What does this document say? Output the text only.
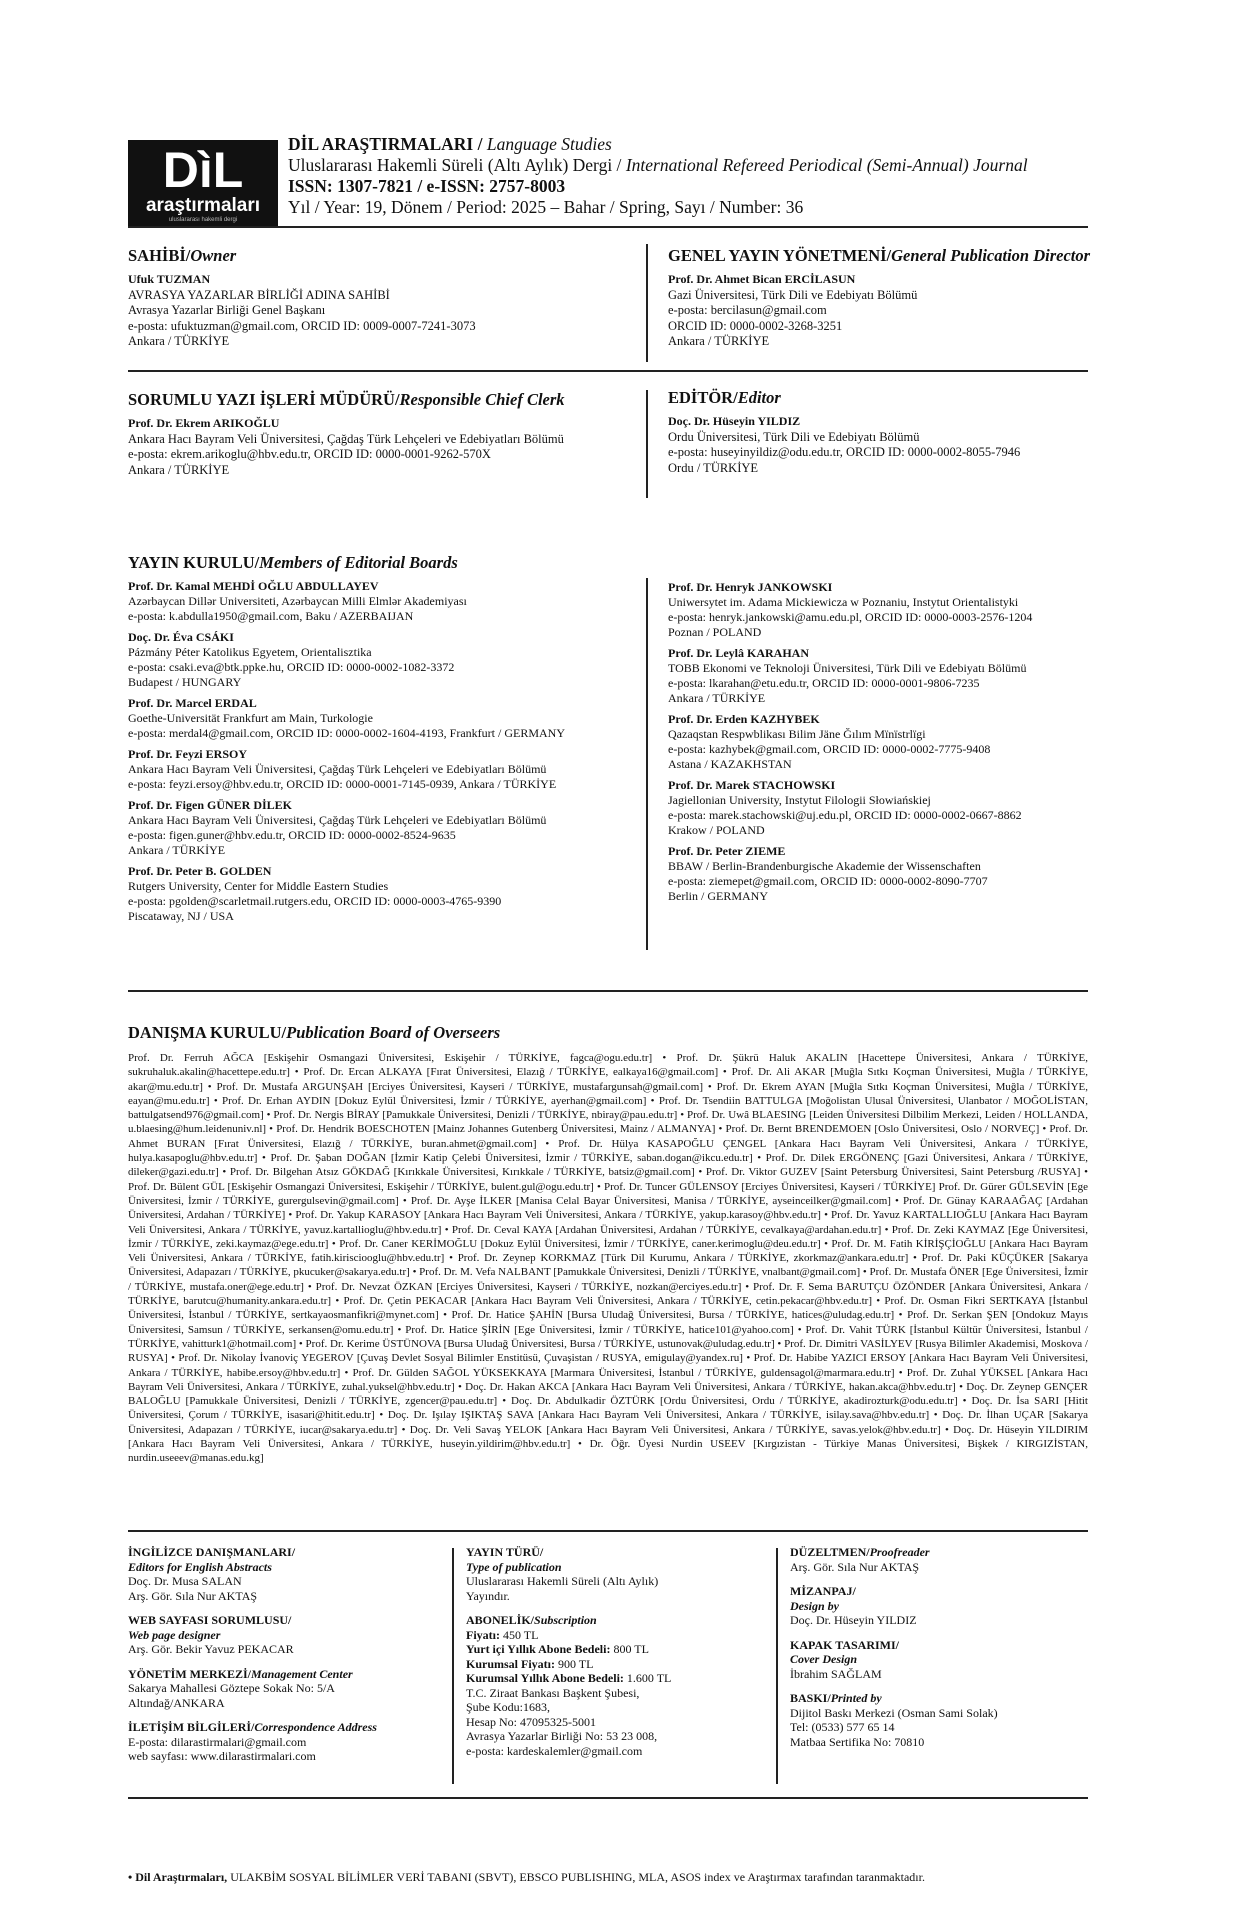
DìL
araştırmaları
uluslararası hakemli dergi
DİL ARAŞTIRMALARI / Language Studies
Uluslararası Hakemli Süreli (Altı Aylık) Dergi / International Refereed Periodical (Semi-Annual) Journal
ISSN: 1307-7821 / e-ISSN: 2757-8003
Yıl / Year: 19, Dönem / Period: 2025 – Bahar / Spring, Sayı / Number: 36
SAHİBİ/Owner
Ufuk TUZMAN
AVRASYA YAZARLAR BİRLİĞİ ADINA SAHİBİ
Avrasya Yazarlar Birliği Genel Başkanı
e-posta: ufuktuzman@gmail.com, ORCID ID: 0009-0007-7241-3073
Ankara / TÜRKİYE
GENEL YAYIN YÖNETMENİ/General Publication Director
Prof. Dr. Ahmet Bican ERCİLASUN
Gazi Üniversitesi, Türk Dili ve Edebiyatı Bölümü
e-posta: bercilasun@gmail.com
ORCID ID: 0000-0002-3268-3251
Ankara / TÜRKİYE
SORUMLU YAZI İŞLERİ MÜDÜRÜ/Responsible Chief Clerk
Prof. Dr. Ekrem ARIKOĞLU
Ankara Hacı Bayram Veli Üniversitesi, Çağdaş Türk Lehçeleri ve Edebiyatları Bölümü
e-posta: ekrem.arikoglu@hbv.edu.tr, ORCID ID: 0000-0001-9262-570X
Ankara / TÜRKİYE
EDİTÖR/Editor
Doç. Dr. Hüseyin YILDIZ
Ordu Üniversitesi, Türk Dili ve Edebiyatı Bölümü
e-posta: huseyinyildiz@odu.edu.tr, ORCID ID: 0000-0002-8055-7946
Ordu / TÜRKİYE
YAYIN KURULU/Members of Editorial Boards
Prof. Dr. Kamal MEHDİ OĞLU ABDULLAYEV
Azərbaycan Dillər Universiteti, Azərbaycan Milli Elmlər Akademiyası
e-posta: k.abdulla1950@gmail.com, Baku / AZERBAIJAN
Doç. Dr. Éva CSÁKI
Pázmány Péter Katolikus Egyetem, Orientalisztika
e-posta: csaki.eva@btk.ppke.hu, ORCID ID: 0000-0002-1082-3372
Budapest / HUNGARY
Prof. Dr. Marcel ERDAL
Goethe-Universität Frankfurt am Main, Turkologie
e-posta: merdal4@gmail.com, ORCID ID: 0000-0002-1604-4193, Frankfurt / GERMANY
Prof. Dr. Feyzi ERSOY
Ankara Hacı Bayram Veli Üniversitesi, Çağdaş Türk Lehçeleri ve Edebiyatları Bölümü
e-posta: feyzi.ersoy@hbv.edu.tr, ORCID ID: 0000-0001-7145-0939, Ankara / TÜRKİYE
Prof. Dr. Figen GÜNER DİLEK
Ankara Hacı Bayram Veli Üniversitesi, Çağdaş Türk Lehçeleri ve Edebiyatları Bölümü
e-posta: figen.guner@hbv.edu.tr, ORCID ID: 0000-0002-8524-9635
Ankara / TÜRKİYE
Prof. Dr. Peter B. GOLDEN
Rutgers University, Center for Middle Eastern Studies
e-posta: pgolden@scarletmail.rutgers.edu, ORCID ID: 0000-0003-4765-9390
Piscataway, NJ / USA
Prof. Dr. Henryk JANKOWSKI
Uniwersytet im. Adama Mickiewicza w Poznaniu, Instytut Orientalistyki
e-posta: henryk.jankowski@amu.edu.pl, ORCID ID: 0000-0003-2576-1204
Poznan / POLAND
Prof. Dr. Leylâ KARAHAN
TOBB Ekonomi ve Teknoloji Üniversitesi, Türk Dili ve Edebiyatı Bölümü
e-posta: lkarahan@etu.edu.tr, ORCID ID: 0000-0001-9806-7235
Ankara / TÜRKİYE
Prof. Dr. Erden KAZHYBEK
Qazaqstan Respwblikası Bilim Jäne Ğılım Mïnïstrlïgi
e-posta: kazhybek@gmail.com, ORCID ID: 0000-0002-7775-9408
Astana / KAZAKHSTAN
Prof. Dr. Marek STACHOWSKI
Jagiellonian University, Instytut Filologii Słowiańskiej
e-posta: marek.stachowski@uj.edu.pl, ORCID ID: 0000-0002-0667-8862
Krakow / POLAND
Prof. Dr. Peter ZIEME
BBAW / Berlin-Brandenburgische Akademie der Wissenschaften
e-posta: ziemepet@gmail.com, ORCID ID: 0000-0002-8090-7707
Berlin / GERMANY
DANIŞMA KURULU/Publication Board of Overseers
Prof. Dr. Ferruh AĞCA [Eskişehir Osmangazi Üniversitesi, Eskişehir / TÜRKİYE, fagca@ogu.edu.tr] • Prof. Dr. Şükrü Haluk AKALIN [Hacettepe Üniversitesi, Ankara / TÜRKİYE, sukruhaluk.akalin@hacettepe.edu.tr] • Prof. Dr. Ercan ALKAYA [Fırat Üniversitesi, Elazığ / TÜRKİYE, ealkaya16@gmail.com] • Prof. Dr. Ali AKAR [Muğla Sıtkı Koçman Üniversitesi, Muğla / TÜRKİYE, akar@mu.edu.tr] • Prof. Dr. Mustafa ARGUNŞAH [Erciyes Üniversitesi, Kayseri / TÜRKİYE, mustafargunsah@gmail.com] • Prof. Dr. Ekrem AYAN [Muğla Sıtkı Koçman Üniversitesi, Muğla / TÜRKİYE, eayan@mu.edu.tr] • Prof. Dr. Erhan AYDIN [Dokuz Eylül Üniversitesi, İzmir / TÜRKİYE, ayerhan@gmail.com] • Prof. Dr. Tsendiin BATTULGA [Moğolistan Ulusal Üniversitesi, Ulanbator / MOĞOLİSTAN, battulgatsend976@gmail.com] • Prof. Dr. Nergis BİRAY [Pamukkale Üniversitesi, Denizli / TÜRKİYE, nbiray@pau.edu.tr] • Prof. Dr. Uwâ BLAESING [Leiden Üniversitesi Dilbilim Merkezi, Leiden / HOLLANDA, u.blaesing@hum.leidenuniv.nl] • Prof. Dr. Hendrik BOESCHOTEN [Mainz Johannes Gutenberg Üniversitesi, Mainz / ALMANYA] • Prof. Dr. Bernt BRENDEMOEN [Oslo Üniversitesi, Oslo / NORVEÇ] • Prof. Dr. Ahmet BURAN [Fırat Üniversitesi, Elazığ / TÜRKİYE, buran.ahmet@gmail.com] • Prof. Dr. Hülya KASAPOĞLU ÇENGEL [Ankara Hacı Bayram Veli Üniversitesi, Ankara / TÜRKİYE, hulya.kasapoglu@hbv.edu.tr] • Prof. Dr. Şaban DOĞAN [İzmir Katip Çelebi Üniversitesi, İzmir / TÜRKİYE, saban.dogan@ikcu.edu.tr] • Prof. Dr. Dilek ERGÖNENÇ [Gazi Üniversitesi, Ankara / TÜRKİYE, dileker@gazi.edu.tr] • Prof. Dr. Bilgehan Atsız GÖKDAĞ [Kırıkkale Üniversitesi, Kırıkkale / TÜRKİYE, batsiz@gmail.com] • Prof. Dr. Viktor GUZEV [Saint Petersburg Üniversitesi, Saint Petersburg /RUSYA] • Prof. Dr. Bülent GÜL [Eskişehir Osmangazi Üniversitesi, Eskişehir / TÜRKİYE, bulent.gul@ogu.edu.tr] • Prof. Dr. Tuncer GÜLENSOY [Erciyes Üniversitesi, Kayseri / TÜRKİYE] Prof. Dr. Gürer GÜLSEVİN [Ege Üniversitesi, İzmir / TÜRKİYE, gurergulsevin@gmail.com] • Prof. Dr. Ayşe İLKER [Manisa Celal Bayar Üniversitesi, Manisa / TÜRKİYE, ayseinceilker@gmail.com] • Prof. Dr. Günay KARAAĞAÇ [Ardahan Üniversitesi, Ardahan / TÜRKİYE] • Prof. Dr. Yakup KARASOY [Ankara Hacı Bayram Veli Üniversitesi, Ankara / TÜRKİYE, yakup.karasoy@hbv.edu.tr] • Prof. Dr. Yavuz KARTALLIOĞLU [Ankara Hacı Bayram Veli Üniversitesi, Ankara / TÜRKİYE, yavuz.kartallioglu@hbv.edu.tr] • Prof. Dr. Ceval KAYA [Ardahan Üniversitesi, Ardahan / TÜRKİYE, cevalkaya@ardahan.edu.tr] • Prof. Dr. Zeki KAYMAZ [Ege Üniversitesi, İzmir / TÜRKİYE, zeki.kaymaz@ege.edu.tr] • Prof. Dr. Caner KERİMOĞLU [Dokuz Eylül Üniversitesi, İzmir / TÜRKİYE, caner.kerimoglu@deu.edu.tr] • Prof. Dr. M. Fatih KİRİŞÇİOĞLU [Ankara Hacı Bayram Veli Üniversitesi, Ankara / TÜRKİYE, fatih.kirisciooglu@hbv.edu.tr] • Prof. Dr. Zeynep KORKMAZ [Türk Dil Kurumu, Ankara / TÜRKİYE, zkorkmaz@ankara.edu.tr] • Prof. Dr. Paki KÜÇÜKER [Sakarya Üniversitesi, Adapazarı / TÜRKİYE, pkucuker@sakarya.edu.tr] • Prof. Dr. M. Vefa NALBANT [Pamukkale Üniversitesi, Denizli / TÜRKİYE, vnalbant@gmail.com] • Prof. Dr. Mustafa ÖNER [Ege Üniversitesi, İzmir / TÜRKİYE, mustafa.oner@ege.edu.tr] • Prof. Dr. Nevzat ÖZKAN [Erciyes Üniversitesi, Kayseri / TÜRKİYE, nozkan@erciyes.edu.tr] • Prof. Dr. F. Sema BARUTÇU ÖZÖNDER [Ankara Üniversitesi, Ankara / TÜRKİYE, barutcu@humanity.ankara.edu.tr] • Prof. Dr. Çetin PEKACAR [Ankara Hacı Bayram Veli Üniversitesi, Ankara / TÜRKİYE, cetin.pekacar@hbv.edu.tr] • Prof. Dr. Osman Fikri SERTKAYA [İstanbul Üniversitesi, İstanbul / TÜRKİYE, sertkayaosmanfikri@mynet.com] • Prof. Dr. Hatice ŞAHİN [Bursa Uludağ Üniversitesi, Bursa / TÜRKİYE, hatices@uludag.edu.tr] • Prof. Dr. Serkan ŞEN [Ondokuz Mayıs Üniversitesi, Samsun / TÜRKİYE, serkansen@omu.edu.tr] • Prof. Dr. Hatice ŞİRİN [Ege Üniversitesi, İzmir / TÜRKİYE, hatice101@yahoo.com] • Prof. Dr. Vahit TÜRK [İstanbul Kültür Üniversitesi, İstanbul / TÜRKİYE, vahitturk1@hotmail.com] • Prof. Dr. Kerime ÜSTÜNOVA [Bursa Uludağ Üniversitesi, Bursa / TÜRKİYE, ustunovak@uludag.edu.tr] • Prof. Dr. Dimitri VASİLYEV [Rusya Bilimler Akademisi, Moskova / RUSYA] • Prof. Dr. Nikolay İvanoviç YEGEROV [Çuvaş Devlet Sosyal Bilimler Enstitüsü, Çuvaşistan / RUSYA, emigulay@yandex.ru] • Prof. Dr. Habibe YAZICI ERSOY [Ankara Hacı Bayram Veli Üniversitesi, Ankara / TÜRKİYE, habibe.ersoy@hbv.edu.tr] • Prof. Dr. Gülden SAĞOL YÜKSEKKAYA [Marmara Üniversitesi, İstanbul / TÜRKİYE, guldensagol@marmara.edu.tr] • Prof. Dr. Zuhal YÜKSEL [Ankara Hacı Bayram Veli Üniversitesi, Ankara / TÜRKİYE, zuhal.yuksel@hbv.edu.tr] • Doç. Dr. Hakan AKCA [Ankara Hacı Bayram Veli Üniversitesi, Ankara / TÜRKİYE, hakan.akca@hbv.edu.tr] • Doç. Dr. Zeynep GENÇER BALOĞLU [Pamukkale Üniversitesi, Denizli / TÜRKİYE, zgencer@pau.edu.tr] • Doç. Dr. Abdulkadir ÖZTÜRK [Ordu Üniversitesi, Ordu / TÜRKİYE, akadirozturk@odu.edu.tr] • Doç. Dr. İsa SARI [Hitit Üniversitesi, Çorum / TÜRKİYE, isasari@hitit.edu.tr] • Doç. Dr. Işılay IŞIKTAŞ SAVA [Ankara Hacı Bayram Veli Üniversitesi, Ankara / TÜRKİYE, isilay.sava@hbv.edu.tr] • Doç. Dr. İlhan UÇAR [Sakarya Üniversitesi, Adapazarı / TÜRKİYE, iucar@sakarya.edu.tr] • Doç. Dr. Veli Savaş YELOK [Ankara Hacı Bayram Veli Üniversitesi, Ankara / TÜRKİYE, savas.yelok@hbv.edu.tr] • Doç. Dr. Hüseyin YILDIRIM [Ankara Hacı Bayram Veli Üniversitesi, Ankara / TÜRKİYE, huseyin.yildirim@hbv.edu.tr] • Dr. Öğr. Üyesi Nurdin USEEV [Kırgızistan - Türkiye Manas Üniversitesi, Bişkek / KIRGIZİSTAN, nurdin.useeev@manas.edu.kg]
İNGİLİZCE DANIŞMANLARI/
Editors for English Abstracts
Doç. Dr. Musa SALAN
Arş. Gör. Sıla Nur AKTAŞ
WEB SAYFASI SORUMLUSU/
Web page designer
Arş. Gör. Bekir Yavuz PEKACAR
YÖNETİM MERKEZİ/Management Center
Sakarya Mahallesi Göztepe Sokak No: 5/A
Altındağ/ANKARA
İLETİŞİM BİLGİLERİ/Correspondence Address
E-posta: dilarastirmalari@gmail.com
web sayfası: www.dilarastirmalari.com
YAYIN TÜRÜ/
Type of publication
Uluslararası Hakemli Süreli (Altı Aylık)
Yayındır.
ABONELİK/Subscription
Fiyatı: 450 TL
Yurt içi Yıllık Abone Bedeli: 800 TL
Kurumsal Fiyatı: 900 TL
Kurumsal Yıllık Abone Bedeli: 1.600 TL
T.C. Ziraat Bankası Başkent Şubesi,
Şube Kodu:1683,
Hesap No: 47095325-5001
Avrasya Yazarlar Birliği No: 53 23 008,
e-posta: kardeskalemler@gmail.com
DÜZELTMEN/Proofreader
Arş. Gör. Sıla Nur AKTAŞ
MİZANPAJ/
Design by
Doç. Dr. Hüseyin YILDIZ
KAPAK TASARIMI/
Cover Design
İbrahim SAĞLAM
BASKI/Printed by
Dijitol Baskı Merkezi (Osman Sami Solak)
Tel: (0533) 577 65 14
Matbaa Sertifika No: 70810
• Dil Araştırmaları, ULAKBİM SOSYAL BİLİMLER VERİ TABANI (SBVT), EBSCO PUBLISHING, MLA, ASOS index ve Araştırmax tarafından taranmaktadır.
